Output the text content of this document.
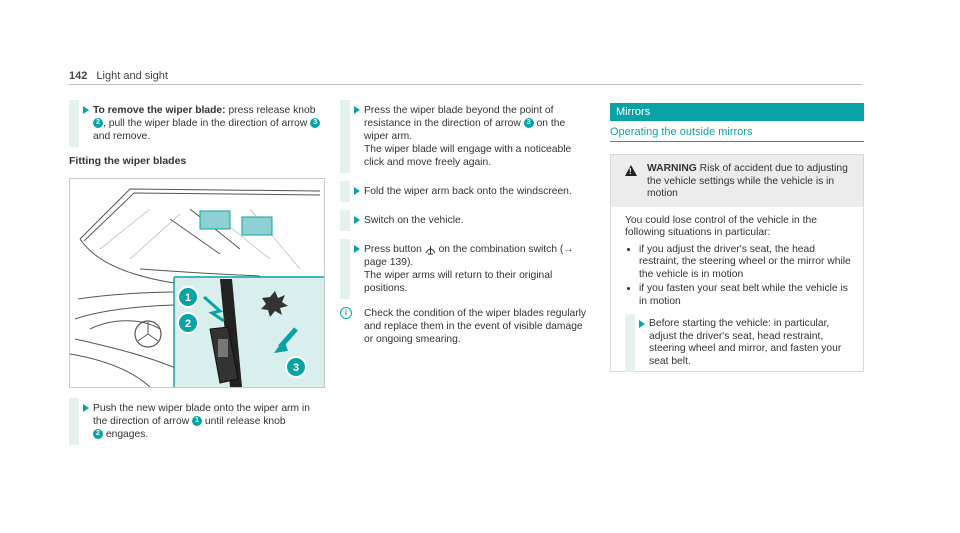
142 Light and sight
To remove the wiper blade: press release knob 2 , pull the wiper blade in the direction of arrow 3 and remove.
Fitting the wiper blades
1
2
3
Push the new wiper blade onto the wiper arm in the direction of arrow 1 until release knob
2 engages.
Press the wiper blade beyond the point of resistance in the direction of arrow 3 on the wiper arm.
The wiper blade will engage with a noticeable click and move freely again.
Fold the wiper arm back onto the windscreen.
Switch on the vehicle.
Press button on the combination switch (→ page 139).
The wiper arms will return to their original positions.
i	Check the condition of the wiper blades regularly and replace them in the event of visible damage or ongoing smearing.
Mirrors
Operating the outside mirrors
!
WARNING Risk of accident due to adjusting the vehicle settings while the vehicle is in motion
You could lose control of the vehicle in the following situations in particular:
• if you adjust the driver's seat, the head restraint, the steering wheel or the mirror while the vehicle is in motion
• if you fasten your seat belt while the vehicle is in motion
Before starting the vehicle: in particular, adjust the driver's seat, head restraint, steering wheel and mirror, and fasten your seat belt.
